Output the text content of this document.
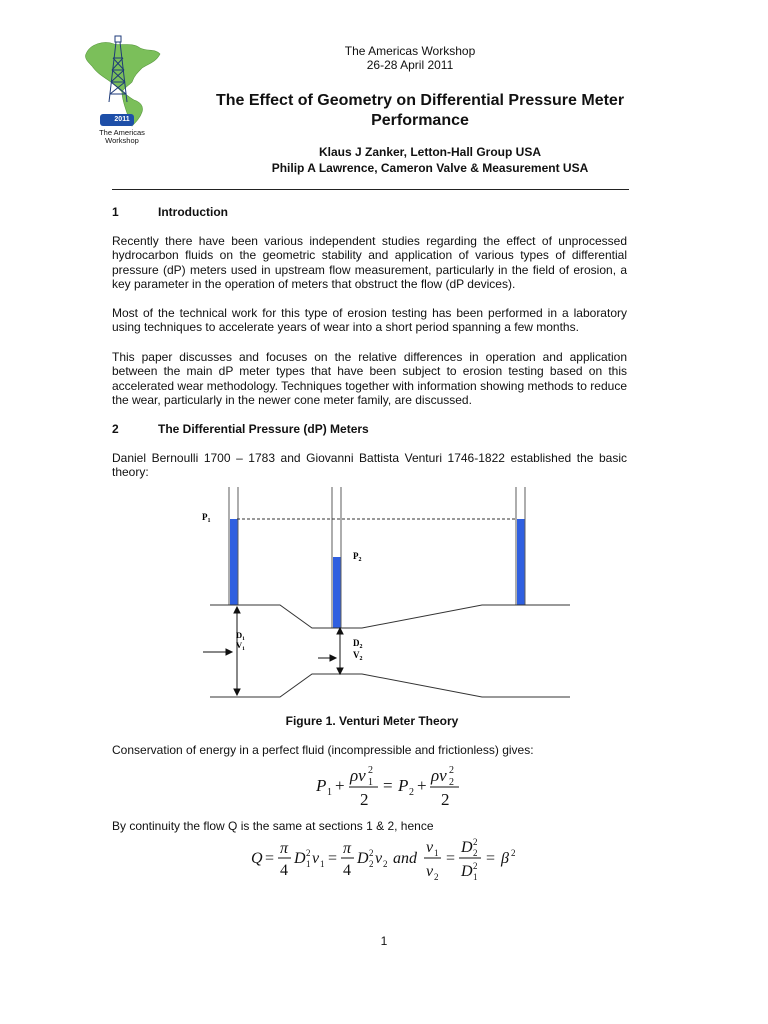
2011
The Americas
Workshop
The Americas Workshop
26-28 April 2011
The Effect of Geometry on Differential Pressure Meter
Performance
Klaus J Zanker, Letton-Hall Group USA
Philip A Lawrence, Cameron Valve & Measurement USA
1	Introduction
Recently there have been various independent studies regarding the effect of unprocessed hydrocarbon fluids on the geometric stability and application of various types of differential pressure (dP) meters used in upstream flow measurement, particularly in the field of erosion, a key parameter in the operation of meters that obstruct the flow (dP devices).
Most of the technical work for this type of erosion testing has been performed in a laboratory using techniques to accelerate years of wear into a short period spanning a few months.
This paper discusses and focuses on the relative differences in operation and application between the main dP meter types that have been subject to erosion testing based on this accelerated wear methodology. Techniques together with information showing methods to reduce the wear, particularly in the newer cone meter family, are discussed.
2	The Differential Pressure (dP) Meters
Daniel Bernoulli 1700 – 1783 and Giovanni Battista Venturi 1746-1822 established the basic theory:
$P_1$
$P_2$
$D_1$
$V_1$
$D_2$
$V_2$
Figure 1. Venturi Meter Theory
Conservation of energy in a perfect fluid (incompressible and frictionless) gives:
P 1 +
ρv 2
1
2
= P 2 +
ρv 2
2
2
By continuity the flow Q is the same at sections 1 & 2, hence
Q =
π
4
D 2
1 v 1 =
π
4
D 2
2 v 2 and
v 1
v 2
=
D 2
2
D 2
1
= β 2
1
